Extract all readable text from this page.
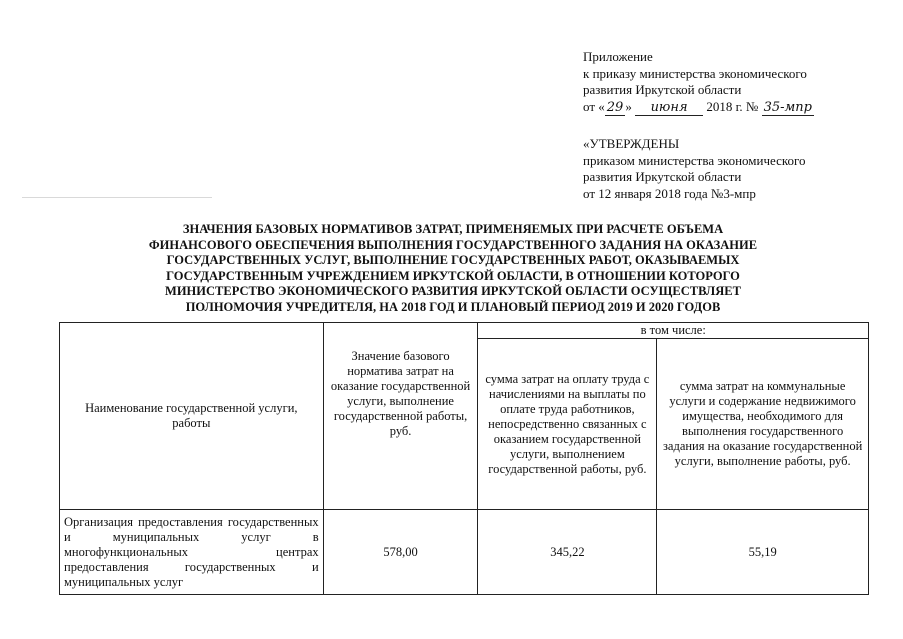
Приложение
к приказу министерства экономического
развития Иркутской области
от « 29 » июня 2018 г. № 35-мпр
«УТВЕРЖДЕНЫ
приказом министерства экономического
развития Иркутской области
от 12 января 2018 года №3-мпр
ЗНАЧЕНИЯ БАЗОВЫХ НОРМАТИВОВ ЗАТРАТ, ПРИМЕНЯЕМЫХ ПРИ РАСЧЕТЕ ОБЪЕМА
ФИНАНСОВОГО ОБЕСПЕЧЕНИЯ ВЫПОЛНЕНИЯ ГОСУДАРСТВЕННОГО ЗАДАНИЯ НА ОКАЗАНИЕ
ГОСУДАРСТВЕННЫХ УСЛУГ, ВЫПОЛНЕНИЕ ГОСУДАРСТВЕННЫХ РАБОТ, ОКАЗЫВАЕМЫХ
ГОСУДАРСТВЕННЫМ УЧРЕЖДЕНИЕМ ИРКУТСКОЙ ОБЛАСТИ, В ОТНОШЕНИИ КОТОРОГО
МИНИСТЕРСТВО ЭКОНОМИЧЕСКОГО РАЗВИТИЯ ИРКУТСКОЙ ОБЛАСТИ ОСУЩЕСТВЛЯЕТ
ПОЛНОМОЧИЯ УЧРЕДИТЕЛЯ, НА 2018 ГОД И ПЛАНОВЫЙ ПЕРИОД 2019 И 2020 ГОДОВ
Наименование государственной услуги, работы	Значение базового норматива затрат на оказание государственной услуги, выполнение государственной работы, руб.	в том числе:	
		сумма затрат на оплату труда с начислениями на выплаты по оплате труда работников, непосредственно связанных с оказанием государственной услуги, выполнением государственной работы, руб.	сумма затрат на коммунальные услуги и содержание недвижимого имущества, необходимого для выполнения государственного задания на оказание государственной услуги, выполнение работы, руб.
Организация предоставления государственных и муниципальных услуг в многофункциональных центрах предоставления государственных и муниципальных услуг	578,00	345,22	55,19
